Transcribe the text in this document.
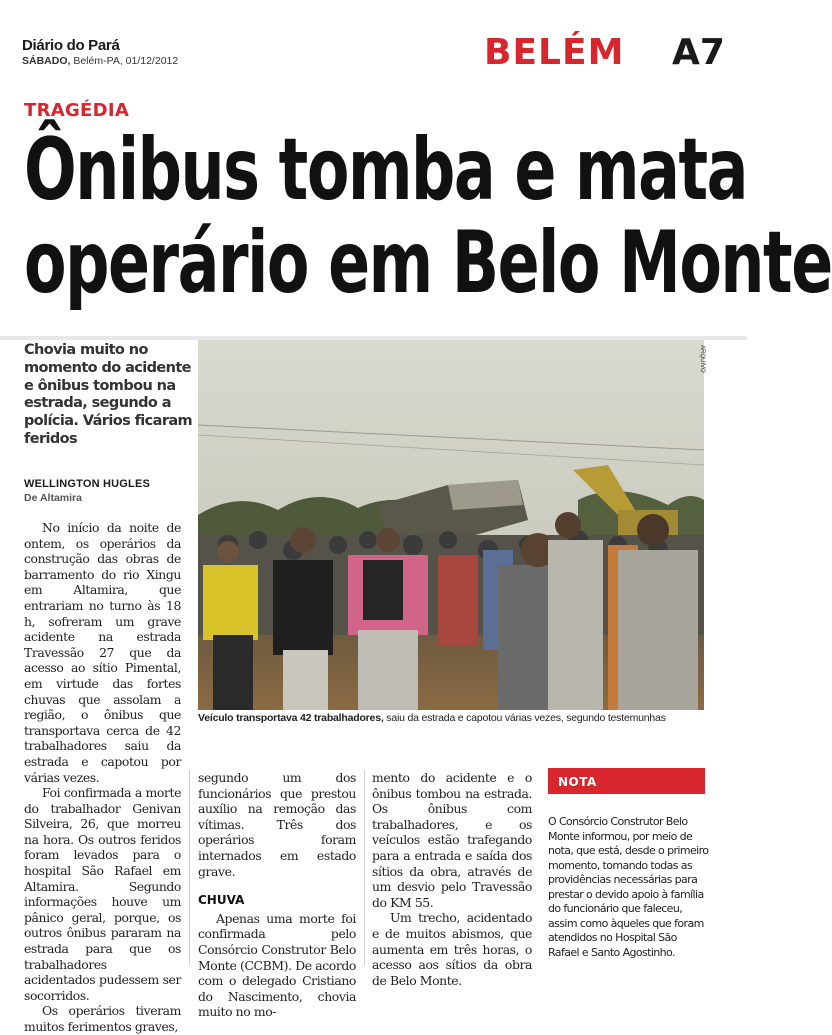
Diário do Pará
SÁBADO, Belém-PA, 01/12/2012	BELÉM A7
TRAGÉDIA
Ônibus tomba e mata
operário em Belo Monte
Chovia muito no momento do acidente e ônibus tombou na estrada, segundo a polícia. Vários ficaram feridos
WELLINGTON HUGLES
De Altamira
ARQUIVO
Veículo transportava 42 trabalhadores, saiu da estrada e capotou várias vezes, segundo testemunhas

No início da noite de ontem, os operários da construção das obras de barramento do rio Xingu em Altamira, que entrariam no turno às 18 h, sofreram um grave acidente na estrada Travessão 27 que da acesso ao sítio Pimental, em virtude das fortes chuvas que assolam a região, o ônibus que transportava cerca de 42 trabalhadores saiu da estrada e capotou por várias vezes.

Foi confirmada a morte do trabalhador Genivan Silveira, 26, que morreu na hora. Os outros feridos foram levados para o hospital São Rafael em Altamira. Segundo informações houve um pânico geral, porque, os outros ônibus pararam na estrada para que os trabalhadores acidentados pudessem ser socorridos.

Os operários tiveram muitos ferimentos graves,

segundo um dos funcionários que prestou auxílio na remoção das vítimas. Três dos operários foram internados em estado grave.

CHUVA

Apenas uma morte foi confirmada pelo Consórcio Construtor Belo Monte (CCBM). De acordo com o delegado Cristiano do Nascimento, chovia muito no mo-

mento do acidente e o ônibus tombou na estrada. Os ônibus com trabalhadores, e os veículos estão trafegando para a entrada e saída dos sítios da obra, através de um desvio pelo Travessão do KM 55.

Um trecho, acidentado e de muitos abismos, que aumenta em três horas, o acesso aos sítios da obra de Belo Monte.

NOTA
O Consórcio Construtor Belo Monte informou, por meio de nota, que está, desde o primeiro momento, tomando todas as providências necessárias para prestar o devido apoio à família do funcionário que faleceu, assim como àqueles que foram atendidos no Hospital São Rafael e Santo Agostinho.
